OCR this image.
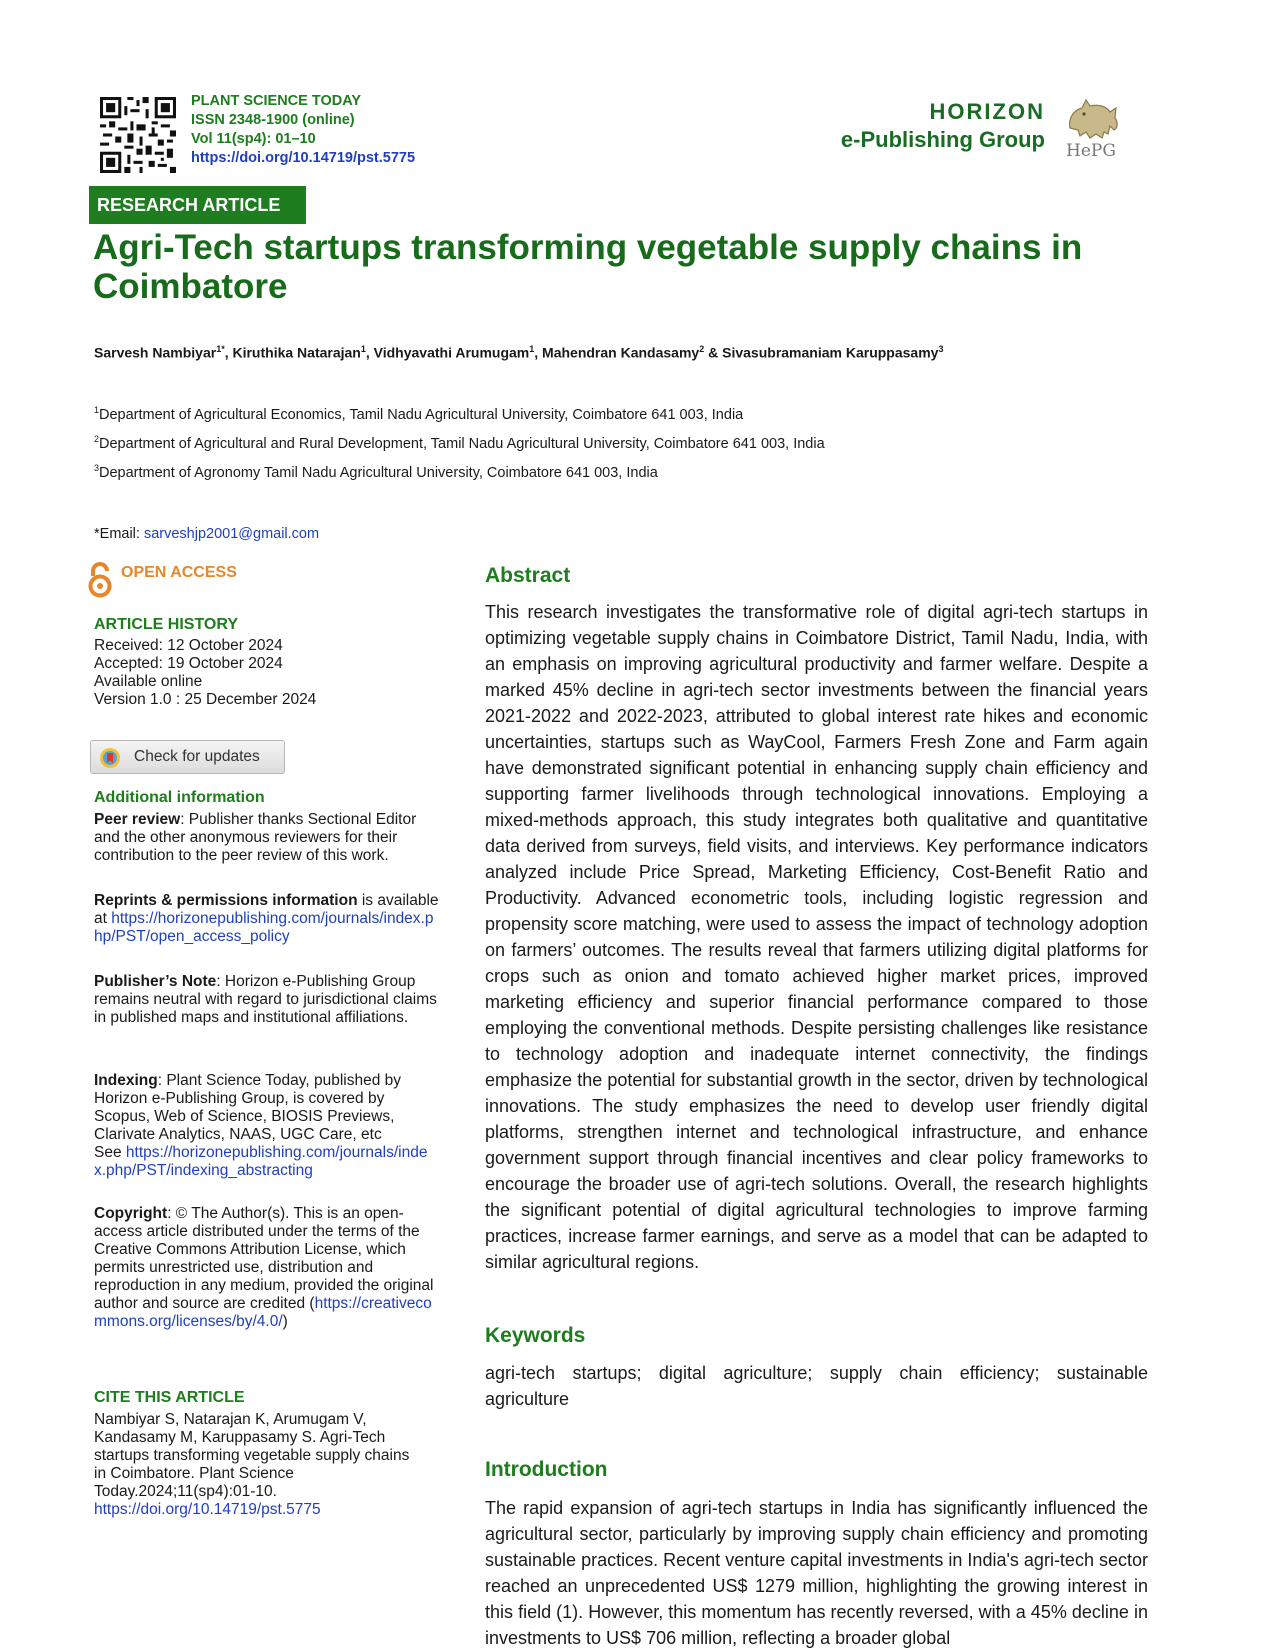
PLANT SCIENCE TODAY
ISSN 2348-1900 (online)
Vol 11(sp4): 01–10
https://doi.org/10.14719/pst.5775
HORIZON
e-Publishing Group HePG
RESEARCH ARTICLE
Agri-Tech startups transforming vegetable supply chains in Coimbatore
Sarvesh Nambiyar$^{1*}$, Kiruthika Natarajan$^1$, Vidhyavathi Arumugam$^1$, Mahendran Kandasamy$^2$ & Sivasubramaniam Karuppasamy$^3$
$^1$Department of Agricultural Economics, Tamil Nadu Agricultural University, Coimbatore 641 003, India
$^2$Department of Agricultural and Rural Development, Tamil Nadu Agricultural University, Coimbatore 641 003, India
$^3$Department of Agronomy Tamil Nadu Agricultural University, Coimbatore 641 003, India
*Email: sarveshjp2001@gmail.com
OPEN ACCESS
ARTICLE HISTORY
Received: 12 October 2024
Accepted: 19 October 2024
Available online
Version 1.0 : 25 December 2024
Check for updates
Additional information
Peer review: Publisher thanks Sectional Editor and the other anonymous reviewers for their contribution to the peer review of this work.
Reprints & permissions information is available at https://horizonepublishing.com/journals/index.php/PST/open_access_policy
Publisher’s Note: Horizon e-Publishing Group remains neutral with regard to jurisdictional claims in published maps and institutional affiliations.
Indexing: Plant Science Today, published by Horizon e-Publishing Group, is covered by Scopus, Web of Science, BIOSIS Previews, Clarivate Analytics, NAAS, UGC Care, etc
See https://horizonepublishing.com/journals/index.php/PST/indexing_abstracting
Copyright: © The Author(s). This is an open-access article distributed under the terms of the Creative Commons Attribution License, which permits unrestricted use, distribution and reproduction in any medium, provided the original author and source are credited (https://creativecommons.org/licenses/by/4.0/)
CITE THIS ARTICLE
Nambiyar S, Natarajan K, Arumugam V, Kandasamy M, Karuppasamy S. Agri-Tech startups transforming vegetable supply chains in Coimbatore. Plant Science Today.2024;11(sp4):01-10.
https://doi.org/10.14719/pst.5775
Abstract

This research investigates the transformative role of digital agri-tech startups in optimizing vegetable supply chains in Coimbatore District, Tamil Nadu, India, with an emphasis on improving agricultural productivity and farmer welfare. Despite a marked 45% decline in agri-tech sector investments between the financial years 2021-2022 and 2022-2023, attributed to global interest rate hikes and economic uncertainties, startups such as WayCool, Farmers Fresh Zone and Farm again have demonstrated significant potential in enhancing supply chain efficiency and supporting farmer livelihoods through technological innovations. Employing a mixed-methods approach, this study integrates both qualitative and quantitative data derived from surveys, field visits, and interviews. Key performance indicators analyzed include Price Spread, Marketing Efficiency, Cost-Benefit Ratio and Productivity. Advanced econometric tools, including logistic regression and propensity score matching, were used to assess the impact of technology adoption on farmers’ outcomes. The results reveal that farmers utilizing digital platforms for crops such as onion and tomato achieved higher market prices, improved marketing efficiency and superior financial performance compared to those employing the conventional methods. Despite persisting challenges like resistance to technology adoption and inadequate internet connectivity, the findings emphasize the potential for substantial growth in the sector, driven by technological innovations. The study emphasizes the need to develop user friendly digital platforms, strengthen internet and technological infrastructure, and enhance government support through financial incentives and clear policy frameworks to encourage the broader use of agri-tech solutions. Overall, the research highlights the significant potential of digital agricultural technologies to improve farming practices, increase farmer earnings, and serve as a model that can be adapted to similar agricultural regions.

Keywords

agri-tech startups; digital agriculture; supply chain efficiency; sustainable agriculture

Introduction

The rapid expansion of agri-tech startups in India has significantly influenced the agricultural sector, particularly by improving supply chain efficiency and promoting sustainable practices. Recent venture capital investments in India's agri-tech sector reached an unprecedented US$ 1279 million, highlighting the growing interest in this field (1). However, this momentum has recently reversed, with a 45% decline in investments to US$ 706 million, reflecting a broader global
